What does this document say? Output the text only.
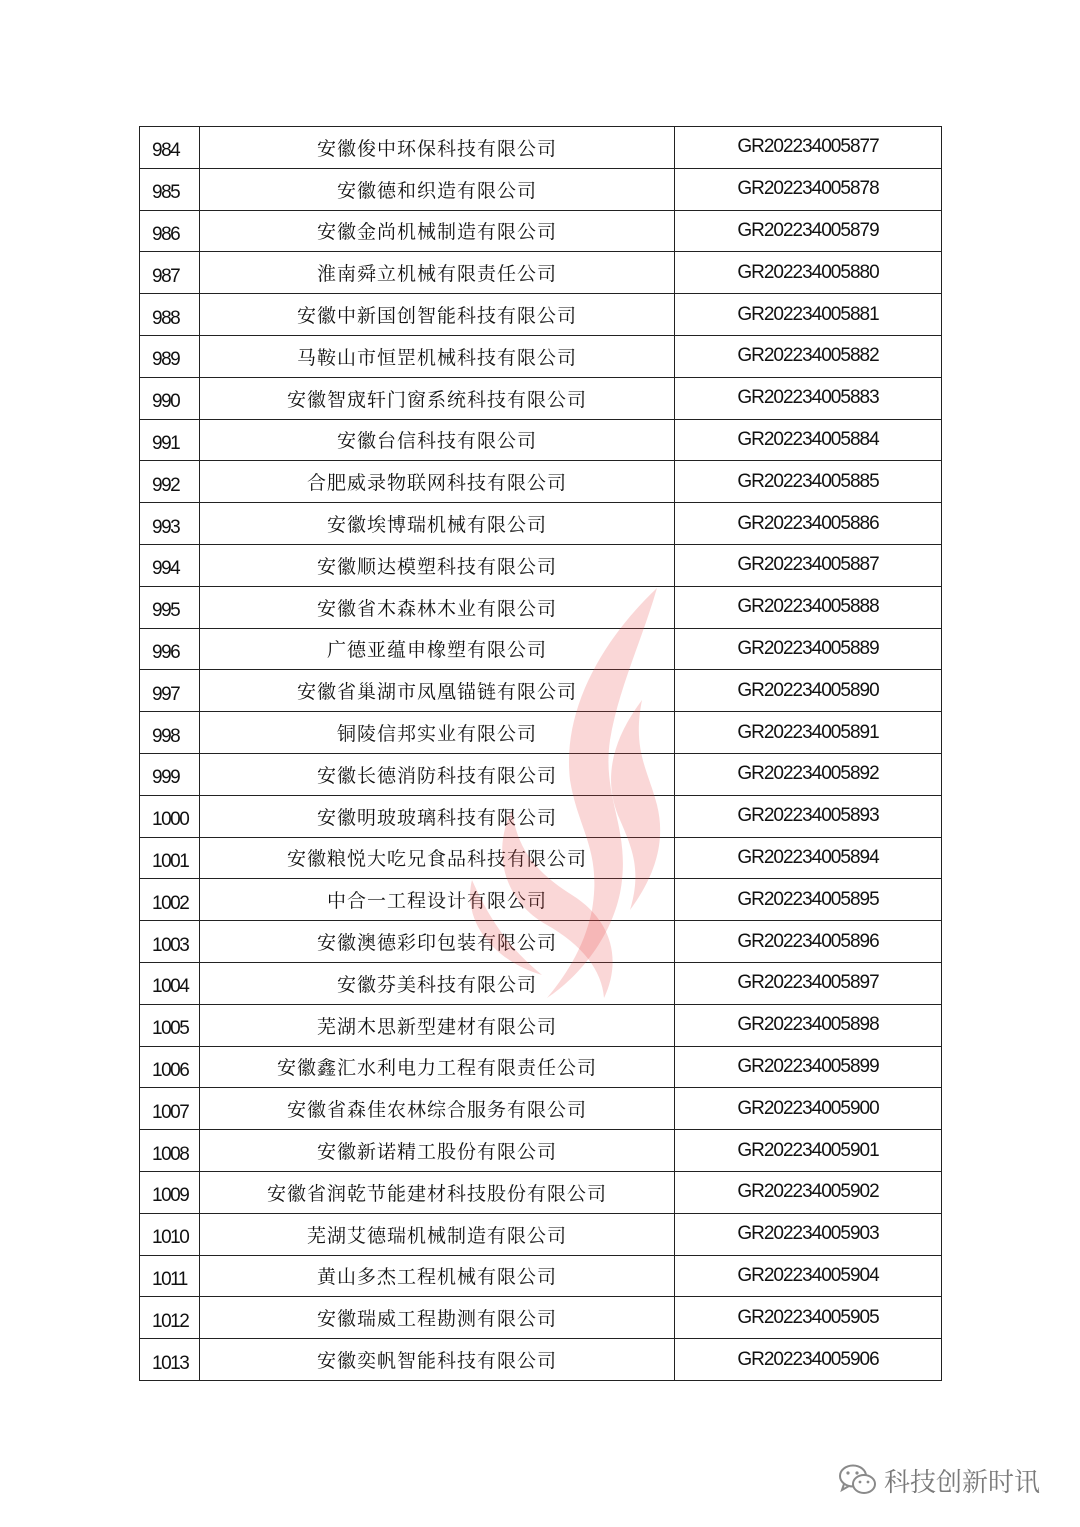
984	安徽俊中环保科技有限公司	GR202234005877
985	安徽德和织造有限公司	GR202234005878
986	安徽金尚机械制造有限公司	GR202234005879
987	淮南舜立机械有限责任公司	GR202234005880
988	安徽中新国创智能科技有限公司	GR202234005881
989	马鞍山市恒罡机械科技有限公司	GR202234005882
990	安徽智宬轩门窗系统科技有限公司	GR202234005883
991	安徽台信科技有限公司	GR202234005884
992	合肥威录物联网科技有限公司	GR202234005885
993	安徽埃博瑞机械有限公司	GR202234005886
994	安徽顺达模塑科技有限公司	GR202234005887
995	安徽省木森林木业有限公司	GR202234005888
996	广德亚蕴申橡塑有限公司	GR202234005889
997	安徽省巢湖市凤凰锚链有限公司	GR202234005890
998	铜陵信邦实业有限公司	GR202234005891
999	安徽长德消防科技有限公司	GR202234005892
1000	安徽明玻玻璃科技有限公司	GR202234005893
1001	安徽粮悦大吃兄食品科技有限公司	GR202234005894
1002	中合一工程设计有限公司	GR202234005895
1003	安徽澳德彩印包装有限公司	GR202234005896
1004	安徽芬美科技有限公司	GR202234005897
1005	芜湖木思新型建材有限公司	GR202234005898
1006	安徽鑫汇水利电力工程有限责任公司	GR202234005899
1007	安徽省森佳农林综合服务有限公司	GR202234005900
1008	安徽新诺精工股份有限公司	GR202234005901
1009	安徽省润乾节能建材科技股份有限公司	GR202234005902
1010	芜湖艾德瑞机械制造有限公司	GR202234005903
1011	黄山多杰工程机械有限公司	GR202234005904
1012	安徽瑞威工程勘测有限公司	GR202234005905
1013	安徽奕帆智能科技有限公司	GR202234005906
科技创新时讯
